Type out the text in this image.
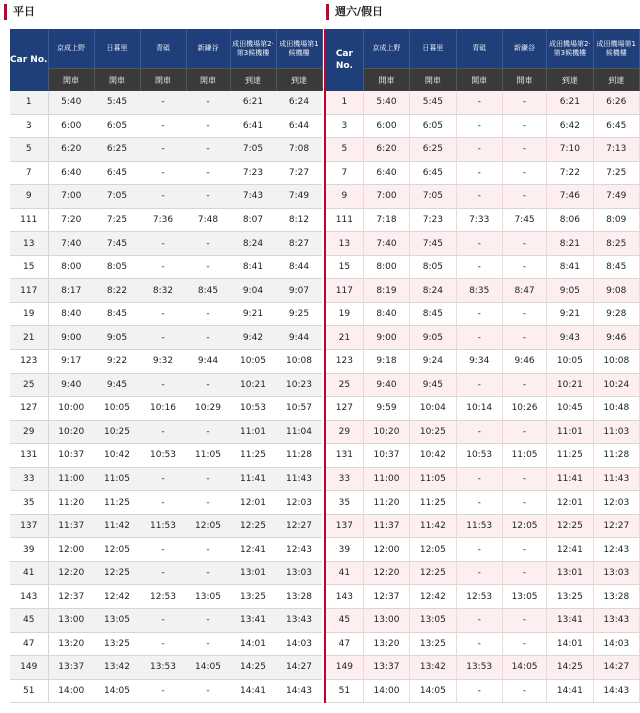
平日	週六/假日
Car No.	京成上野	日暮里	青砥	新鎌谷	成田機場第2‧第3候機樓	成田機場第1候機樓
	開車	開車	開車	開車	到達	到達
1	5:40	5:45	-	-	6:21	6:24
3	6:00	6:05	-	-	6:41	6:44
5	6:20	6:25	-	-	7:05	7:08
7	6:40	6:45	-	-	7:23	7:27
9	7:00	7:05	-	-	7:43	7:49
111	7:20	7:25	7:36	7:48	8:07	8:12
13	7:40	7:45	-	-	8:24	8:27
15	8:00	8:05	-	-	8:41	8:44
117	8:17	8:22	8:32	8:45	9:04	9:07
19	8:40	8:45	-	-	9:21	9:25
21	9:00	9:05	-	-	9:42	9:44
123	9:17	9:22	9:32	9:44	10:05	10:08
25	9:40	9:45	-	-	10:21	10:23
127	10:00	10:05	10:16	10:29	10:53	10:57
29	10:20	10:25	-	-	11:01	11:04
131	10:37	10:42	10:53	11:05	11:25	11:28
33	11:00	11:05	-	-	11:41	11:43
35	11:20	11:25	-	-	12:01	12:03
137	11:37	11:42	11:53	12:05	12:25	12:27
39	12:00	12:05	-	-	12:41	12:43
41	12:20	12:25	-	-	13:01	13:03
143	12:37	12:42	12:53	13:05	13:25	13:28
45	13:00	13:05	-	-	13:41	13:43
47	13:20	13:25	-	-	14:01	14:03
149	13:37	13:42	13:53	14:05	14:25	14:27
51	14:00	14:05	-	-	14:41	14:43
Car No.	京成上野	日暮里	青砥	新鎌谷	成田機場第2‧第3候機樓	成田機場第1候機樓
	開車	開車	開車	開車	到達	到達
1	5:40	5:45	-	-	6:21	6:26
3	6:00	6:05	-	-	6:42	6:45
5	6:20	6:25	-	-	7:10	7:13
7	6:40	6:45	-	-	7:22	7:25
9	7:00	7:05	-	-	7:46	7:49
111	7:18	7:23	7:33	7:45	8:06	8:09
13	7:40	7:45	-	-	8:21	8:25
15	8:00	8:05	-	-	8:41	8:45
117	8:19	8:24	8:35	8:47	9:05	9:08
19	8:40	8:45	-	-	9:21	9:28
21	9:00	9:05	-	-	9:43	9:46
123	9:18	9:24	9:34	9:46	10:05	10:08
25	9:40	9:45	-	-	10:21	10:24
127	9:59	10:04	10:14	10:26	10:45	10:48
29	10:20	10:25	-	-	11:01	11:03
131	10:37	10:42	10:53	11:05	11:25	11:28
33	11:00	11:05	-	-	11:41	11:43
35	11:20	11:25	-	-	12:01	12:03
137	11:37	11:42	11:53	12:05	12:25	12:27
39	12:00	12:05	-	-	12:41	12:43
41	12:20	12:25	-	-	13:01	13:03
143	12:37	12:42	12:53	13:05	13:25	13:28
45	13:00	13:05	-	-	13:41	13:43
47	13:20	13:25	-	-	14:01	14:03
149	13:37	13:42	13:53	14:05	14:25	14:27
51	14:00	14:05	-	-	14:41	14:43
